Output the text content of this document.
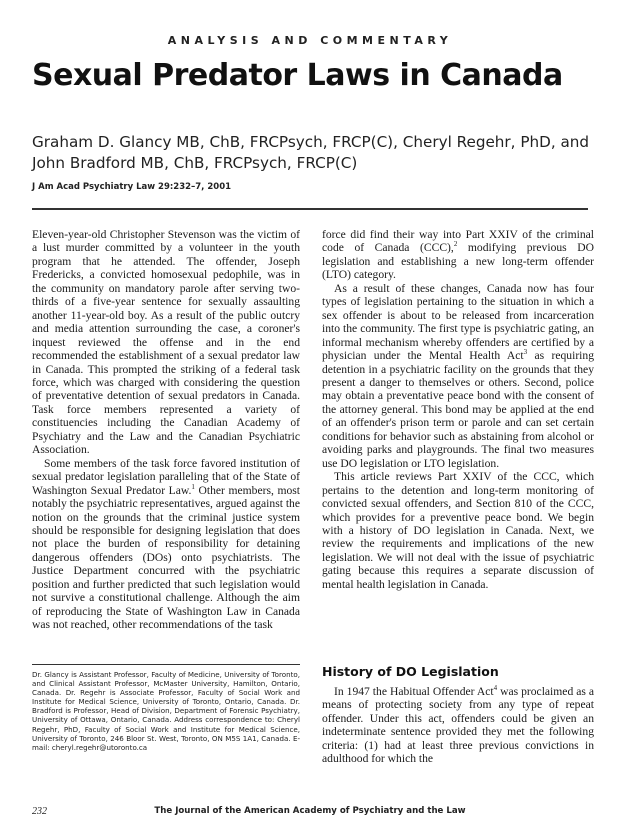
ANALYSIS AND COMMENTARY
Sexual Predator Laws in Canada
Graham D. Glancy MB, ChB, FRCPsych, FRCP(C), Cheryl Regehr, PhD, and
John Bradford MB, ChB, FRCPsych, FRCP(C)
J Am Acad Psychiatry Law 29:232–7, 2001

Eleven-year-old Christopher Stevenson was the victim of a lust murder committed by a volunteer in the youth program that he attended. The offender, Joseph Fredericks, a convicted homosexual pedophile, was in the community on mandatory parole after serving two-thirds of a five-year sentence for sexually assaulting another 11-year-old boy. As a result of the public outcry and media attention surrounding the case, a coroner's inquest reviewed the offense and in the end recommended the establishment of a sexual predator law in Canada. This prompted the striking of a federal task force, which was charged with considering the question of preventative detention of sexual predators in Canada. Task force members represented a variety of constituencies including the Canadian Academy of Psychiatry and the Law and the Canadian Psychiatric Association.

Some members of the task force favored institution of sexual predator legislation paralleling that of the State of Washington Sexual Predator Law.$^1$ Other members, most notably the psychiatric representatives, argued against the notion on the grounds that the criminal justice system should be responsible for designing legislation that does not place the burden of responsibility for detaining dangerous offenders (DOs) onto psychiatrists. The Justice Department concurred with the psychiatric position and further predicted that such legislation would not survive a constitutional challenge. Although the aim of reproducing the State of Washington Law in Canada was not reached, other recommendations of the task

Dr. Glancy is Assistant Professor, Faculty of Medicine, University of Toronto, and Clinical Assistant Professor, McMaster University, Hamilton, Ontario, Canada. Dr. Regehr is Associate Professor, Faculty of Social Work and Institute for Medical Science, University of Toronto, Ontario, Canada. Dr. Bradford is Professor, Head of Division, Department of Forensic Psychiatry, University of Ottawa, Ontario, Canada. Address correspondence to: Cheryl Regehr, PhD, Faculty of Social Work and Institute for Medical Science, University of Toronto, 246 Bloor St. West, Toronto, ON M5S 1A1, Canada. E-mail: cheryl.regehr@utoronto.ca

force did find their way into Part XXIV of the criminal code of Canada (CCC),$^2$ modifying previous DO legislation and establishing a new long-term offender (LTO) category.

As a result of these changes, Canada now has four types of legislation pertaining to the situation in which a sex offender is about to be released from incarceration into the community. The first type is psychiatric gating, an informal mechanism whereby offenders are certified by a physician under the Mental Health Act$^3$ as requiring detention in a psychiatric facility on the grounds that they present a danger to themselves or others. Second, police may obtain a preventative peace bond with the consent of the attorney general. This bond may be applied at the end of an offender's prison term or parole and can set certain conditions for behavior such as abstaining from alcohol or avoiding parks and playgrounds. The final two measures use DO legislation or LTO legislation.

This article reviews Part XXIV of the CCC, which pertains to the detention and long-term monitoring of convicted sexual offenders, and Section 810 of the CCC, which provides for a preventive peace bond. We begin with a history of DO legislation in Canada. Next, we review the requirements and implications of the new legislation. We will not deal with the issue of psychiatric gating because this requires a separate discussion of mental health legislation in Canada.

History of DO Legislation

In 1947 the Habitual Offender Act$^4$ was proclaimed as a means of protecting society from any type of repeat offender. Under this act, offenders could be given an indeterminate sentence provided they met the following criteria: (1) had at least three previous convictions in adulthood for which the

232	The Journal of the American Academy of Psychiatry and the Law
